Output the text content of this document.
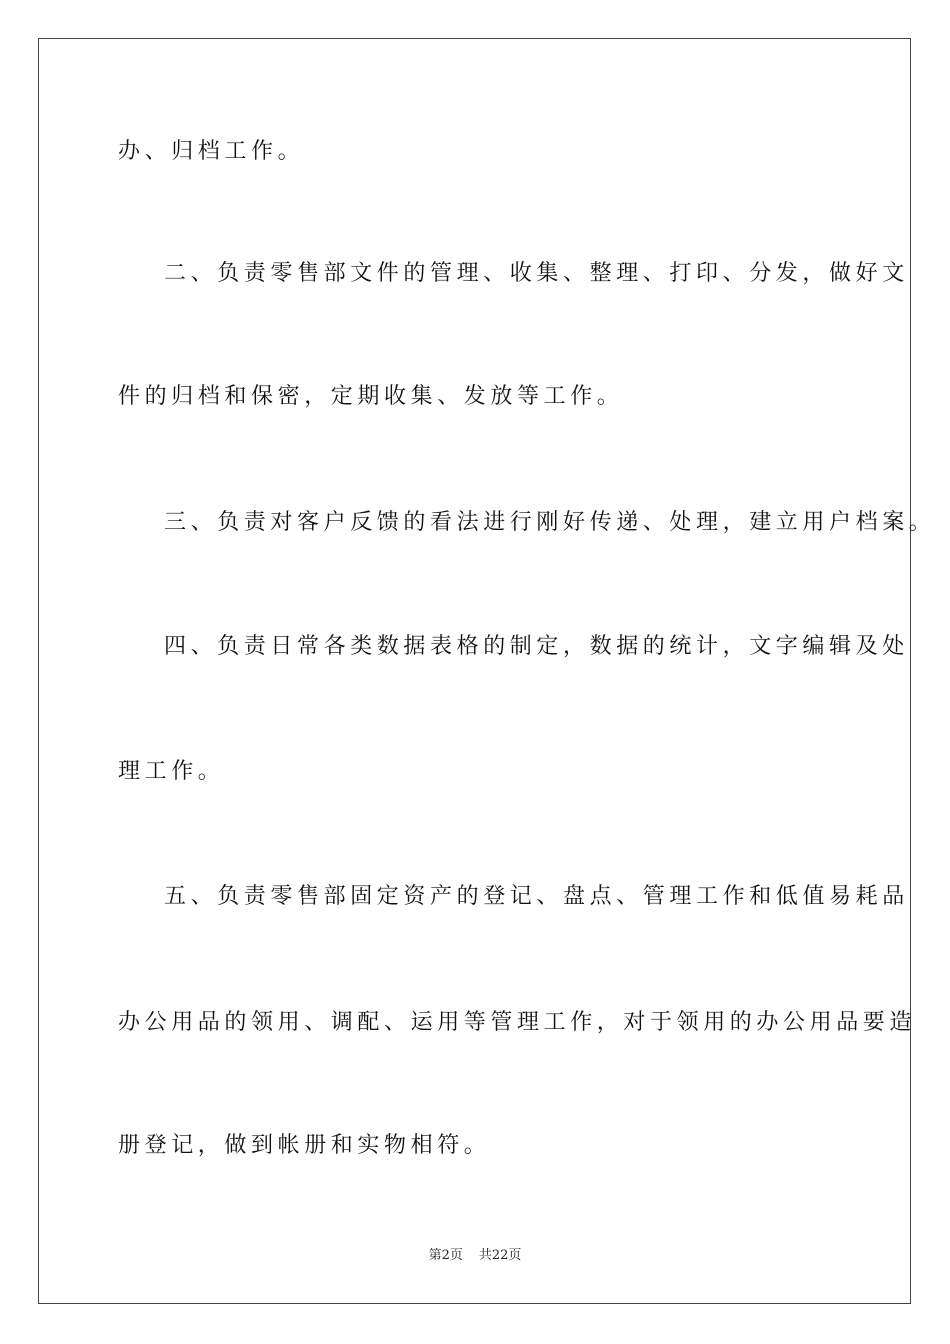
办、归档工作。
二、负责零售部文件的管理、收集、整理、打印、分发，做好文
件的归档和保密，定期收集、发放等工作。
三、负责对客户反馈的看法进行刚好传递、处理，建立用户档案。
四、负责日常各类数据表格的制定，数据的统计，文字编辑及处
理工作。
五、负责零售部固定资产的登记、盘点、管理工作和低值易耗品
办公用品的领用、调配、运用等管理工作，对于领用的办公用品要造
册登记，做到帐册和实物相符。
第2页 共22页
